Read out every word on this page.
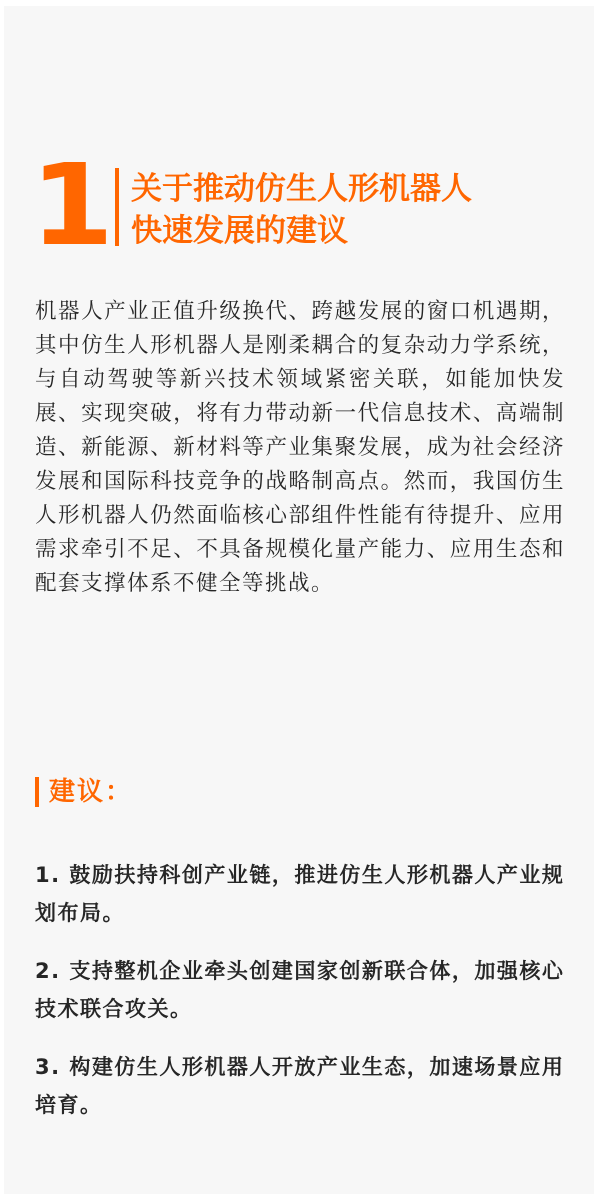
1 关于推动仿生人形机器人
快速发展的建议
机器人产业正值升级换代、跨越发展的窗口机遇期，其中仿生人形机器人是刚柔耦合的复杂动力学系统，与自动驾驶等新兴技术领域紧密关联，如能加快发展、实现突破，将有力带动新一代信息技术、高端制造、新能源、新材料等产业集聚发展，成为社会经济发展和国际科技竞争的战略制高点。然而，我国仿生人形机器人仍然面临核心部组件性能有待提升、应用需求牵引不足、不具备规模化量产能力、应用生态和配套支撑体系不健全等挑战。
建议：
1. 鼓励扶持科创产业链，推进仿生人形机器人产业规划布局。
2. 支持整机企业牵头创建国家创新联合体，加强核心技术联合攻关。
3. 构建仿生人形机器人开放产业生态，加速场景应用培育。
